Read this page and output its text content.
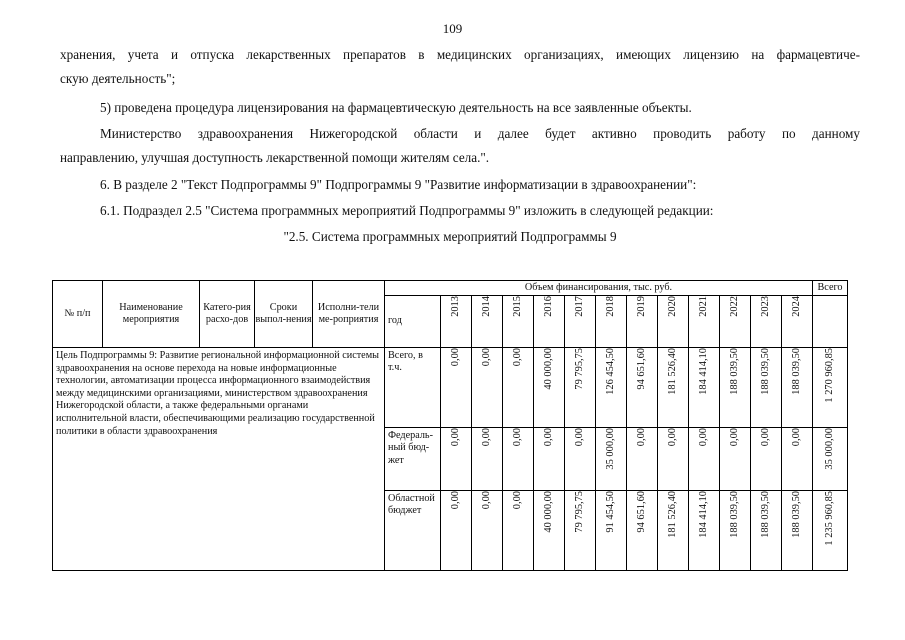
109
хранения, учета и отпуска лекарственных препаратов в медицинских организациях, имеющих лицензию на фармацевтиче-
скую деятельность";
5) проведена процедура лицензирования на фармацевтическую деятельность на все заявленные объекты.
Министерство здравоохранения Нижегородской области и далее будет активно проводить работу по данному
направлению, улучшая доступность лекарственной помощи жителям села.".
6. В разделе 2 "Текст Подпрограммы 9" Подпрограммы 9 "Развитие информатизации в здравоохранении":
6.1. Подраздел 2.5 "Система программных мероприятий Подпрограммы 9" изложить в следующей редакции:
"2.5. Система программных мероприятий Подпрограммы 9
№ п/п	Наименование мероприятия	Катего-рия расхо-дов	Сроки выпол-нения	Исполни-тели ме-роприятия	Объем финансирования, тыс. руб.													Всего
					год	2013	2014	2015	2016	2017	2018	2019	2020	2021	2022	2023	2024	

Цель Подпрограммы 9: Развитие региональной информационной системы здравоохранения на основе перехода на новые информационные технологии, автоматизации процесса информационного взаимодействия между медицинскими организациями, министерством здравоохранения Нижегородской области, а также федеральными органами исполнительной власти, обеспечивающими реализацию государственной политики в области здравоохранения					Всего, в т.ч.	0,00	0,00	0,00	40 000,00	79 795,75	126 454,50	94 651,60	181 526,40	184 414,10	188 039,50	188 039,50	188 039,50	1 270 960,85

					Федераль-ный бюд-жет	0,00	0,00	0,00	0,00	0,00	35 000,00	0,00	0,00	0,00	0,00	0,00	0,00	35 000,00

					Областной бюджет	0,00	0,00	0,00	40 000,00	79 795,75	91 454,50	94 651,60	181 526,40	184 414,10	188 039,50	188 039,50	188 039,50	1 235 960,85
